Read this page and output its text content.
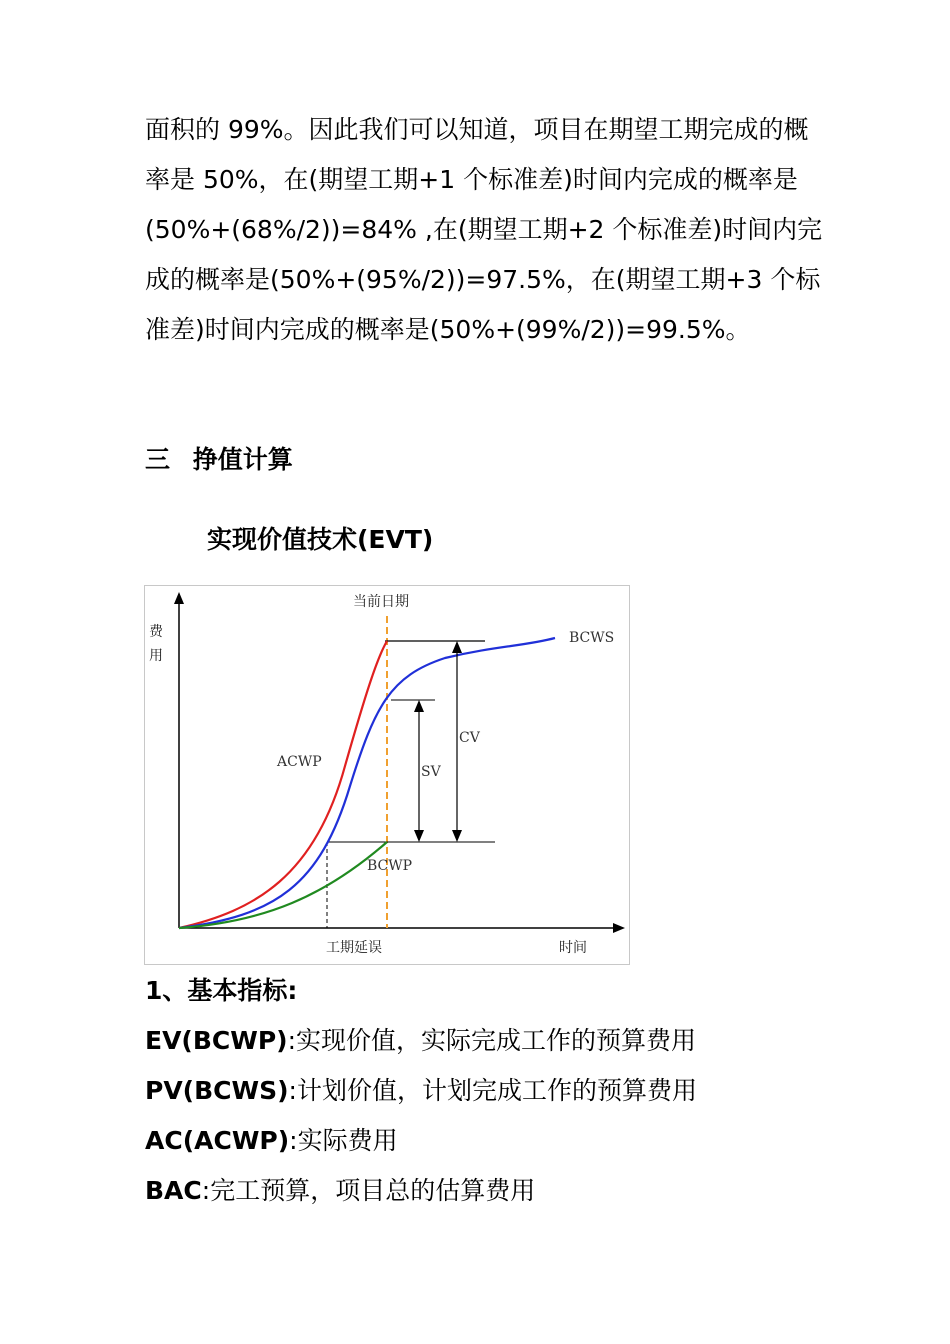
面积的 99%。因此我们可以知道，项目在期望工期完成的概
率是 50%，在(期望工期+1 个标准差)时间内完成的概率是
(50%+(68%/2))=84% ,在(期望工期+2 个标准差)时间内完
成的概率是(50%+(95%/2))=97.5%，在(期望工期+3 个标
准差)时间内完成的概率是(50%+(99%/2))=99.5%。
三 挣值计算
实现价值技术(EVT)
费
用
时间
当前日期
工期延误
ACWP
BCWS
BCWP
SV
CV
1、基本指标:
EV(BCWP):实现价值，实际完成工作的预算费用
PV(BCWS):计划价值，计划完成工作的预算费用
AC(ACWP):实际费用
BAC:完工预算，项目总的估算费用
